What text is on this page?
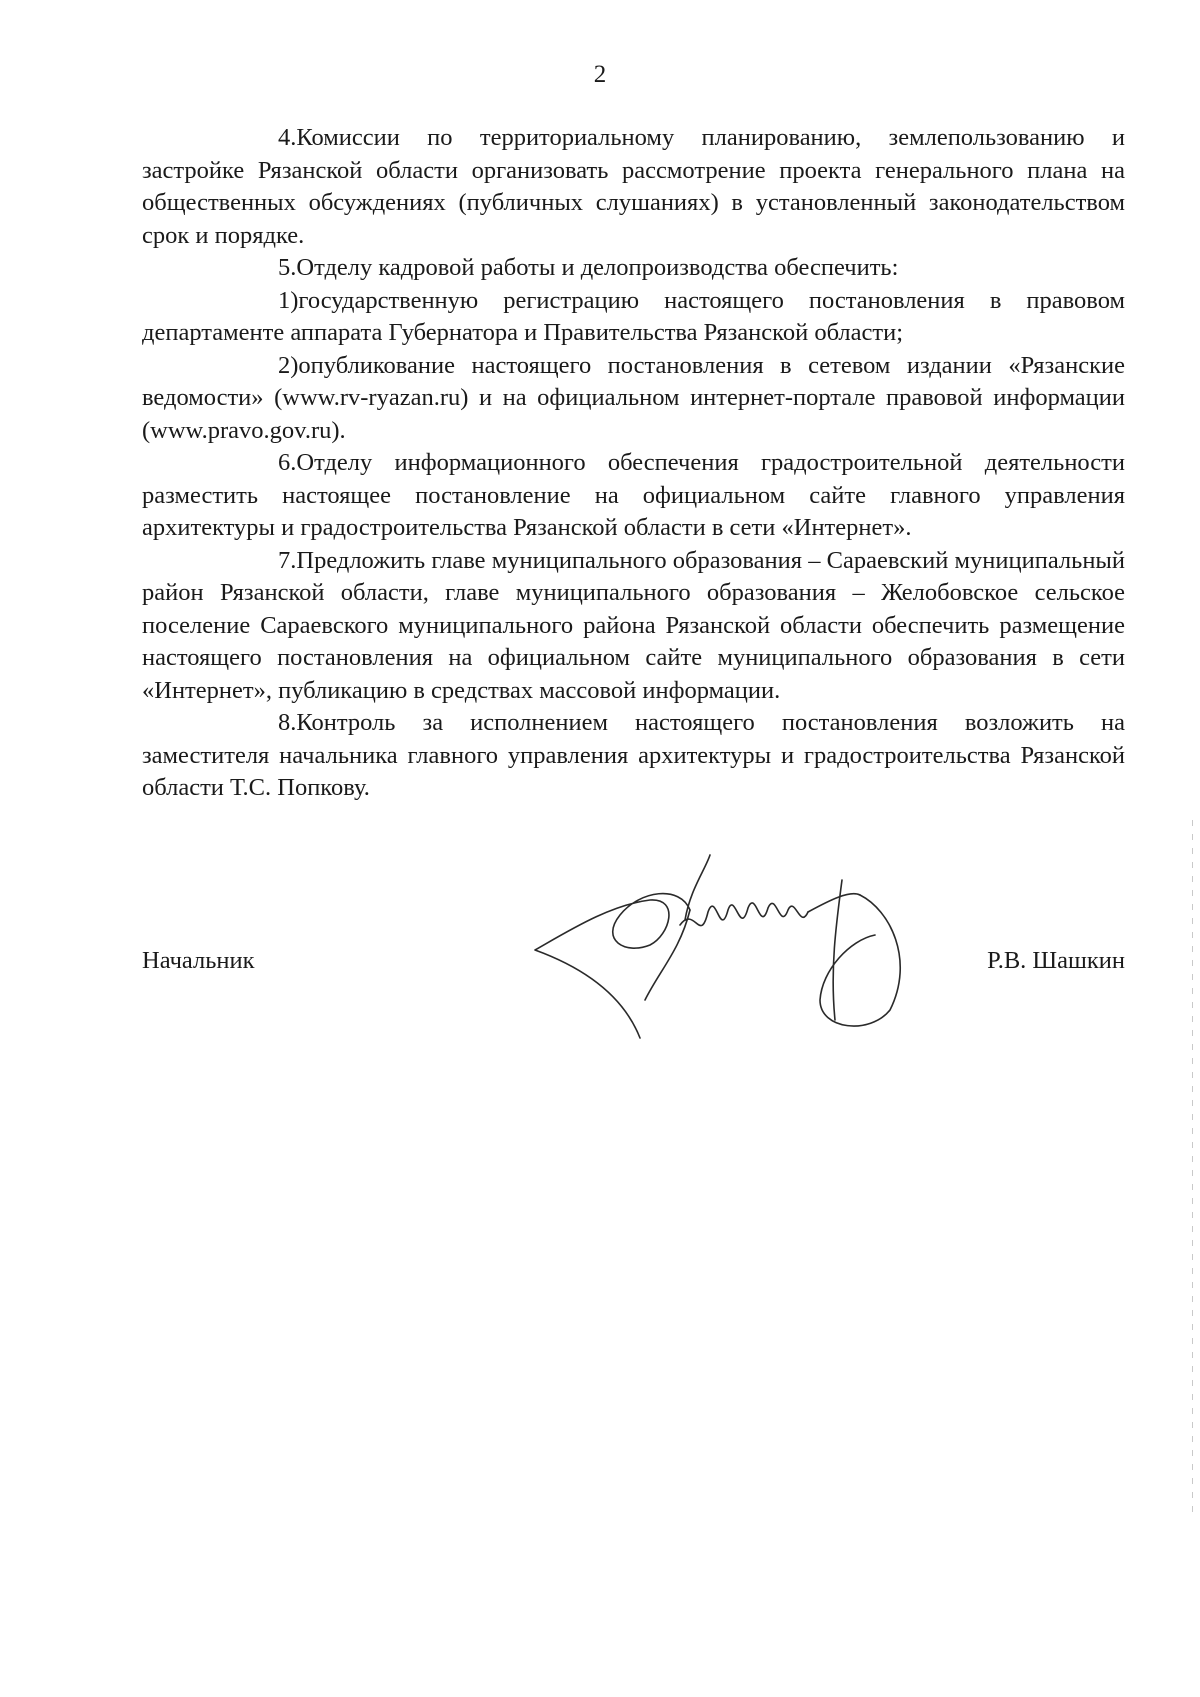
2

4.Комиссии по территориальному планированию, землепользованию и застройке Рязанской области организовать рассмотрение проекта генерального плана на общественных обсуждениях (публичных слушаниях) в установленный законодательством срок и порядке.

5.Отделу кадровой работы и делопроизводства обеспечить:

1)государственную регистрацию настоящего постановления в правовом департаменте аппарата Губернатора и Правительства Рязанской области;

2)опубликование настоящего постановления в сетевом издании «Рязанские ведомости» (www.rv-ryazan.ru) и на официальном интернет-портале правовой информации (www.pravo.gov.ru).

6.Отделу информационного обеспечения градостроительной деятельности разместить настоящее постановление на официальном сайте главного управления архитектуры и градостроительства Рязанской области в сети «Интернет».

7.Предложить главе муниципального образования – Сараевский муниципальный район Рязанской области, главе муниципального образования – Желобовское сельское поселение Сараевского муниципального района Рязанской области обеспечить размещение настоящего постановления на официальном сайте муниципального образования в сети «Интернет», публикацию в средствах массовой информации.

8.Контроль за исполнением настоящего постановления возложить на заместителя начальника главного управления архитектуры и градостроительства Рязанской области Т.С. Попкову.

Начальник	Р.В. Шашкин
